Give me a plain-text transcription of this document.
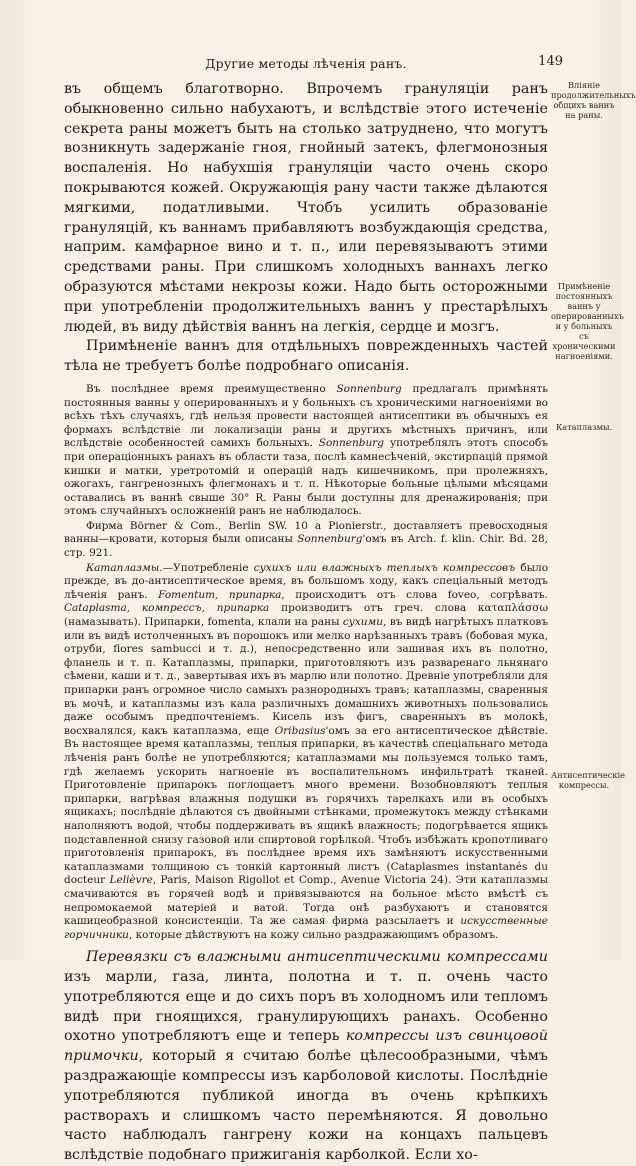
Другие методы лѣченія ранъ.	149

въ общемъ благотворно. Впрочемъ грануляціи ранъ обыкновенно сильно набухаютъ, и вслѣдствіе этого истеченіе секрета раны можетъ быть на столько затруднено, что могутъ возникнуть задержаніе гноя, гнойный затекъ, флегмонозныя воспаленія. Но набухшія грануляціи часто очень скоро покрываются кожей. Окружающія рану части также дѣлаются мягкими, податливыми. Чтобъ усилить образованіе грануляцій, къ ваннамъ прибавляютъ возбуждающія средства, наприм. камфарное вино и т. п., или перевязываютъ этими средствами раны. При слишкомъ холодныхъ ваннахъ легко образуются мѣстами некрозы кожи. Надо быть осторожными при употребленіи продолжительныхъ ваннъ у престарѣлыхъ людей, въ виду дѣйствія ваннъ на легкія, сердце и мозгъ.

Примѣненіе ваннъ для отдѣльныхъ поврежденныхъ частей тѣла не требуетъ болѣе подробнаго описанія.

Въ послѣднее время преимущественно Sonnenburg предлагалъ примѣнять постоянныя ванны у оперированныхъ и у больныхъ съ хроническими нагноеніями во всѣхъ тѣхъ случаяхъ, гдѣ нельзя провести настоящей антисептики въ обычныхъ ея формахъ вслѣдствіе ли локализаціи раны и другихъ мѣстныхъ причинъ, или вслѣдствіе особенностей самихъ больныхъ. Sonnenburg употреблялъ этотъ способъ при операціонныхъ ранахъ въ области таза, послѣ камнесѣченій, экстирпацій прямой кишки и матки, уретротомій и операцій надъ кишечникомъ, при пролежняхъ, ожогахъ, гангренозныхъ флегмонахъ и т. п. Нѣкоторые больные цѣлыми мѣсяцами оставались въ ваннѣ свыше 30° R. Раны были доступны для дренажированія; при этомъ случайныхъ осложненій ранъ не наблюдалось.

Фирма Börner & Com., Berlin SW. 10 a Pionierstr., доставляетъ превосходныя ванны—кровати, которыя были описаны Sonnenburg'омъ въ Arch. f. klin. Chir. Bd. 28, стр. 921.

Катаплазмы.—Употребленіе сухихъ или влажныхъ теплыхъ компрессовъ было прежде, въ до-антисептическое время, въ большомъ ходу, какъ спеціальный методъ лѣченія ранъ. Fomentum, припарка, происходитъ отъ слова foveo, согрѣвать. Cataplasma, компрессъ, припарка производитъ отъ греч. слова καταπλάσσω (намазывать). Припарки, fomenta, клали на раны сухими, въ видѣ нагрѣтыхъ платковъ или въ видѣ истолченныхъ въ порошокъ или мелко нарѣзанныхъ травъ (бобовая мука, отруби, flores sambucci и т. д.), непосредственно или зашивая ихъ въ полотно, фланель и т. п. Катаплазмы, припарки, приготовляютъ изъ разваренаго льнянаго сѣмени, каши и т. д., завертывая ихъ въ марлю или полотно. Древніе употребляли для припарки ранъ огромное число самыхъ разнородныхъ травъ; катаплазмы, сваренныя въ мочѣ, и катаплазмы изъ кала различныхъ домашнихъ животныхъ пользовались даже особымъ предпочтеніемъ. Кисель изъ фигъ, сваренныхъ въ молокѣ, восхвалялся, какъ катаплазма, еще Oribasius'омъ за его антисептическое дѣйствіе. Въ настоящее время катаплазмы, теплыя припарки, въ качествѣ спеціальнаго метода лѣченія ранъ болѣе не употребляются; катаплазмами мы пользуемся только тамъ, гдѣ желаемъ ускорить нагноеніе въ воспалительномъ инфильтратѣ тканей. Приготовленіе припарокъ поглощаетъ много времени. Возобновляютъ теплыя припарки, нагрѣвая влажныя подушки въ горячихъ тарелкахъ или въ особыхъ ящикахъ; послѣдніе дѣлаются съ двойными стѣнками, промежутокъ между стѣнками наполняютъ водой, чтобы поддерживать въ ящикѣ влажность; подогрѣвается ящикъ подставленной снизу газовой или спиртовой горѣлкой. Чтобъ избѣжать кропотливаго приготовленія припарокъ, въ послѣднее время ихъ замѣняютъ искусственными катаплазмами толщиною съ тонкій картонный листъ (Cataplasmes instantanés du docteur Lelièvre, Paris, Maison Rigollot et Comp., Avenue Victoria 24). Эти катаплазмы смачиваются въ горячей водѣ и привязываются на больное мѣсто вмѣстѣ съ непромокаемой матеріей и ватой. Тогда онѣ разбухаютъ и становятся кашицеобразной консистенціи. Та же самая фирма разсылаетъ и искусственные горчичники, которые дѣйствуютъ на кожу сильно раздражающимъ образомъ.

Перевязки съ влажными антисептическими компрессами изъ марли, газа, линта, полотна и т. п. очень часто употребляются еще и до сихъ поръ въ холодномъ или тепломъ видѣ при гноящихся, гранулирующихъ ранахъ. Особенно охотно употребляютъ еще и теперь компрессы изъ свинцовой примочки, который я считаю болѣе цѣлесообразными, чѣмъ раздражающіе компрессы изъ карболовой кислоты. Послѣдніе употребляются публикой иногда въ очень крѣпкихъ растворахъ и слишкомъ часто перемѣняются. Я довольно часто наблюдалъ гангрену кожи на концахъ пальцевъ вслѣдствіе подобнаго прижиганія карболкой. Если хо-

Вліяніе продолжительныхъ общихъ ваннъ на раны.
Примѣненіе постоянныхъ ваннъ у оперированныхъ и у больныхъ съ хроническими нагноеніями.
Катаплазмы.
Антисептическіе компрессы.
